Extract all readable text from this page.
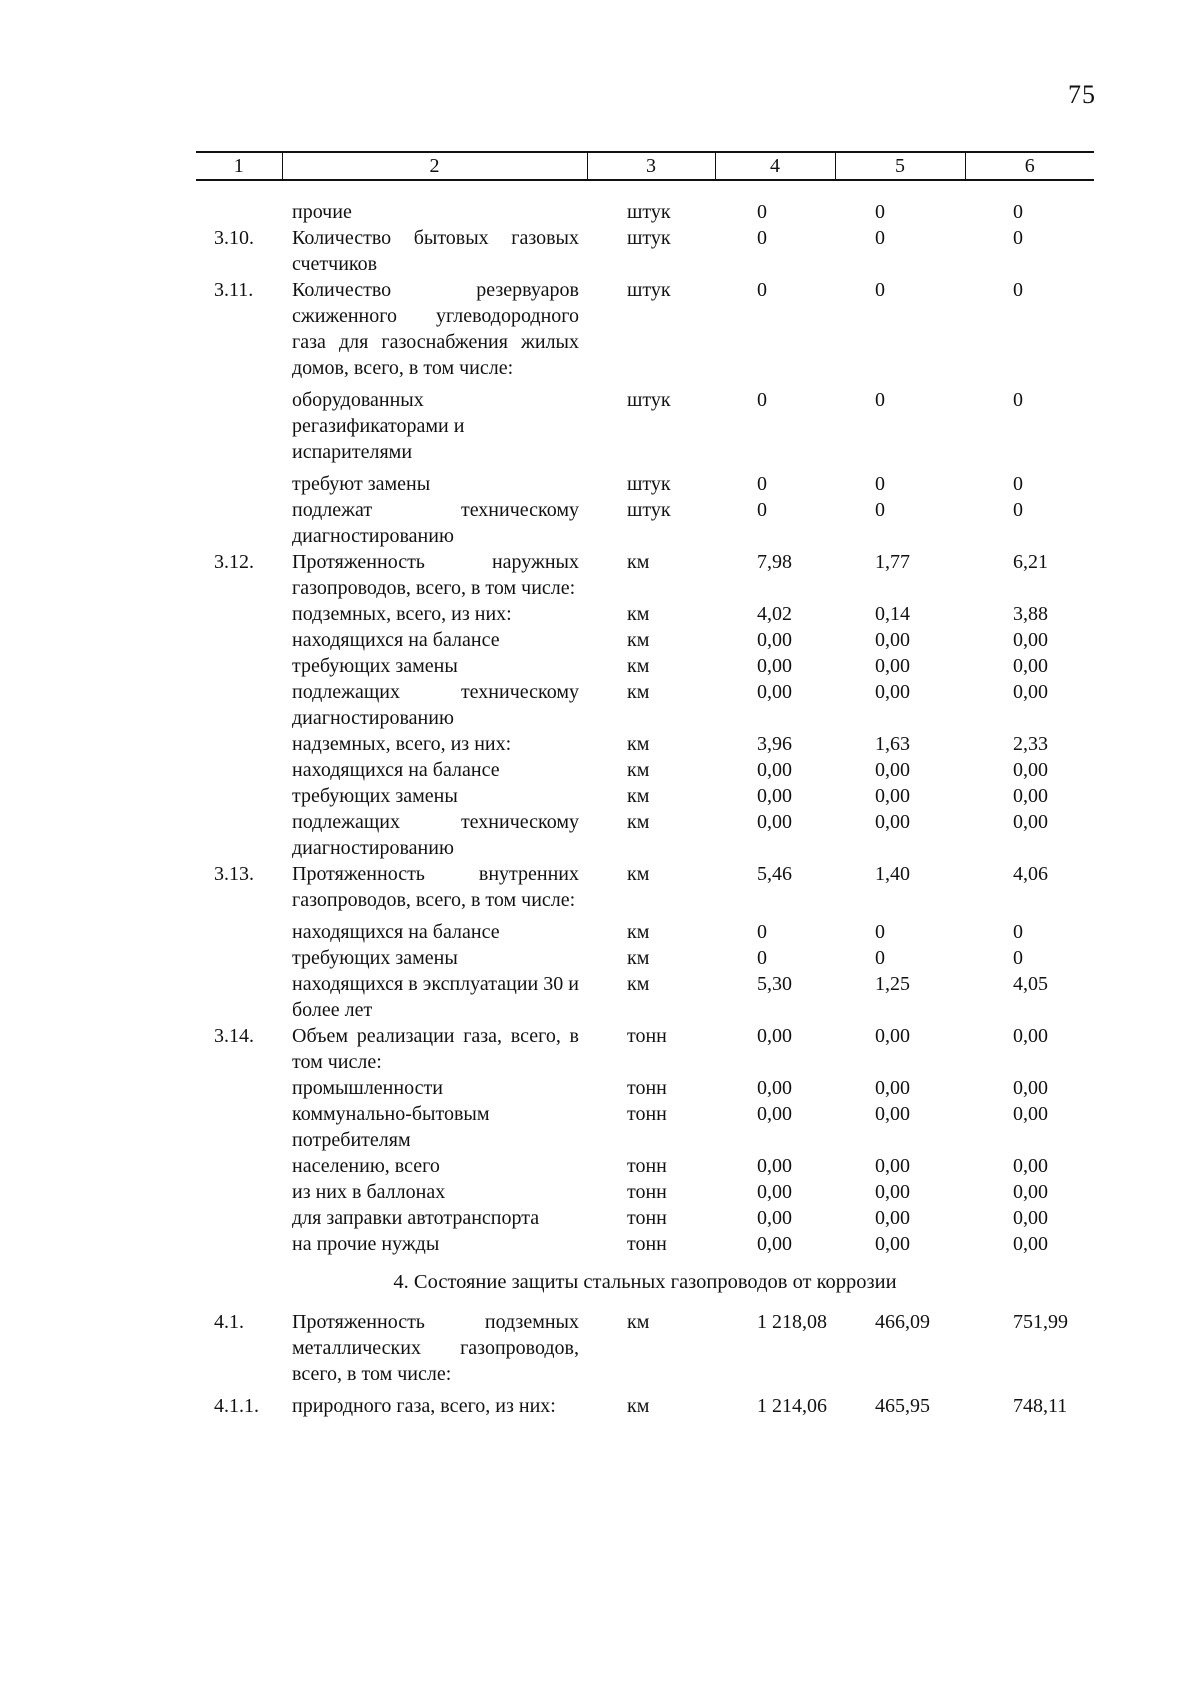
75
1	2	3	4	5	6

	прочие	штук	0	0	0
3.10.	Количество бытовых газовых счетчиков	штук	0	0	0
3.11.	Количество резервуаров сжиженного углеводородного газа для газоснабжения жилых домов, всего, в том числе:	штук	0	0	0
	оборудованных регазификаторами и испарителями	штук	0	0	0
	требуют замены	штук	0	0	0
	подлежат техническому диагностированию	штук	0	0	0
3.12.	Протяженность наружных газопроводов, всего, в том числе:	км	7,98	1,77	6,21
	подземных, всего, из них:	км	4,02	0,14	3,88
	находящихся на балансе	км	0,00	0,00	0,00
	требующих замены	км	0,00	0,00	0,00
	подлежащих техническому диагностированию	км	0,00	0,00	0,00
	надземных, всего, из них:	км	3,96	1,63	2,33
	находящихся на балансе	км	0,00	0,00	0,00
	требующих замены	км	0,00	0,00	0,00
	подлежащих техническому диагностированию	км	0,00	0,00	0,00
3.13.	Протяженность внутренних газопроводов, всего, в том числе:	км	5,46	1,40	4,06
	находящихся на балансе	км	0	0	0
	требующих замены	км	0	0	0
	находящихся в эксплуатации 30 и более лет	км	5,30	1,25	4,05
3.14.	Объем реализации газа, всего, в том числе:	тонн	0,00	0,00	0,00
	промышленности	тонн	0,00	0,00	0,00
	коммунально-бытовым потребителям	тонн	0,00	0,00	0,00
	населению, всего	тонн	0,00	0,00	0,00
	из них в баллонах	тонн	0,00	0,00	0,00
	для заправки автотранспорта	тонн	0,00	0,00	0,00
	на прочие нужды	тонн	0,00	0,00	0,00
4. Состояние защиты стальных газопроводов от коррозии					
4.1.	Протяженность подземных металлических газопроводов, всего, в том числе:	км	1 218,08	466,09	751,99
4.1.1.	природного газа, всего, из них:	км	1 214,06	465,95	748,11
